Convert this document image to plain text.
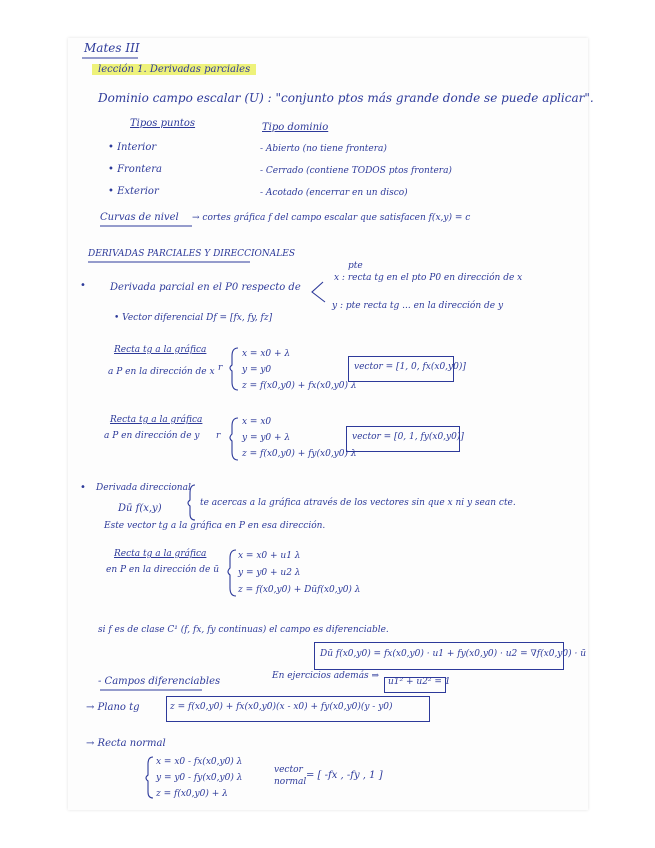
Mates III
lección 1. Derivadas parciales
Dominio campo escalar (U) : "conjunto ptos más grande donde se puede aplicar".
Tipos puntos	Tipo dominio
• Interior	- Abierto (no tiene frontera)
• Frontera	- Cerrado (contiene TODOS ptos frontera)
• Exterior	- Acotado (encerrar en un disco)
Curvas de nivel → cortes gráfica f del campo escalar que satisfacen f(x,y) = c
DERIVADAS PARCIALES Y DIRECCIONALES
• Derivada parcial en el P0 respecto de
pte
x : recta tg en el pto P0 en dirección de x
y : pte recta tg ... en la dirección de y
• Vector diferencial Df = [fx, fy, fz]
Recta tg a la gráfica
a P en la dirección de x r
x = x0 + λ
y = y0
z = f(x0,y0) + fx(x0,y0) λ
vector = [1, 0, fx(x0,y0)]
Recta tg a la gráfica
a P en dirección de y r
x = x0
y = y0 + λ
z = f(x0,y0) + fy(x0,y0) λ
vector = [0, 1, fy(x0,y0)]
• Derivada direccional
Dū f(x,y)	te acercas a la gráfica através de los vectores sin que x ni y sean cte.
Este vector tg a la gráfica en P en esa dirección.
Recta tg a la gráfica
en P en la dirección de ū
x = x0 + u1 λ
y = y0 + u2 λ
z = f(x0,y0) + Dūf(x0,y0) λ
si f es de clase C¹ (f, fx, fy continuas) el campo es diferenciable.
Dū f(x0,y0) = fx(x0,y0) · u1 + fy(x0,y0) · u2 = ∇f(x0,y0) · ū
En ejercicios además ⇒
u1² + u2² = 1
- Campos diferenciables
→ Plano tg	z = f(x0,y0) + fx(x0,y0)(x - x0) + fy(x0,y0)(y - y0)
→ Recta normal
x = x0 - fx(x0,y0) λ
y = y0 - fy(x0,y0) λ
z = f(x0,y0) + λ
vector
normal
= [ -fx , -fy , 1 ]
